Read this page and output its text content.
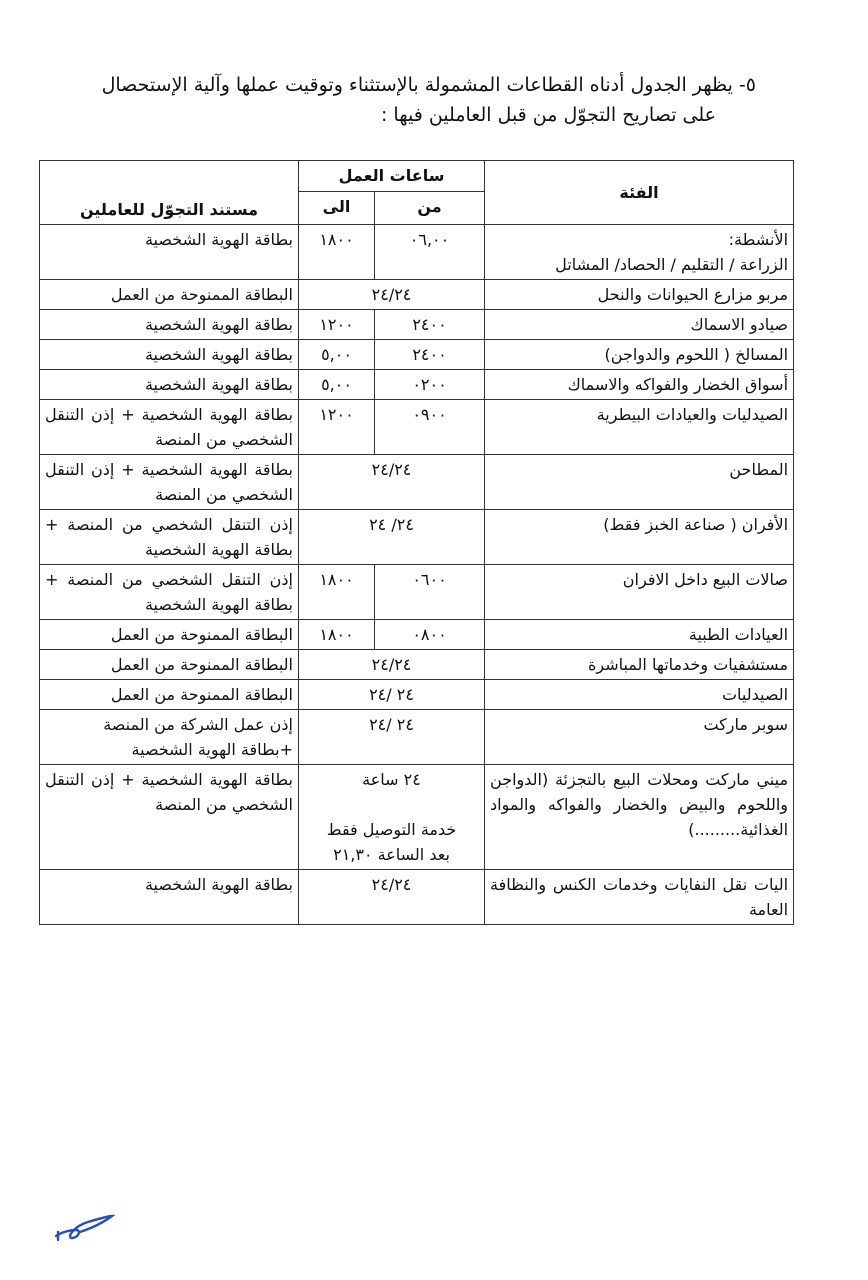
٥- يظهر الجدول أدناه القطاعات المشمولة بالإستثناء وتوقيت عملها وآلية الإستحصال
على تصاريح التجوّل من قبل العاملين فيها :
الفئة	ساعات العمل		مستند التجوّل للعاملين
	من	الى	

الأنشطة:
الزراعة / التقليم / الحصاد/ المشاتل	٠٦,٠٠	١٨٠٠	بطاقة الهوية الشخصية

مربو مزارع الحيوانات والنحل	٢٤/٢٤		البطاقة الممنوحة من العمل

صيادو الاسماك	٢٤٠٠	١٢٠٠	بطاقة الهوية الشخصية

المسالخ ( اللحوم والدواجن)	٢٤٠٠	٥,٠٠	بطاقة الهوية الشخصية

أسواق الخضار والفواكه والاسماك	٠٢٠٠	٥,٠٠	بطاقة الهوية الشخصية

الصيدليات والعيادات البيطرية	٠٩٠٠	١٢٠٠	بطاقة الهوية الشخصية + إذن التنقل الشخصي من المنصة

المطاحن	٢٤/٢٤		بطاقة الهوية الشخصية + إذن التنقل الشخصي من المنصة

الأفران ( صناعة الخبز فقط)	٢٤/ ٢٤		إذن التنقل الشخصي من المنصة + بطاقة الهوية الشخصية

صالات البيع داخل الافران	٠٦٠٠	١٨٠٠	إذن التنقل الشخصي من المنصة + بطاقة الهوية الشخصية

العيادات الطبية	٠٨٠٠	١٨٠٠	البطاقة الممنوحة من العمل

مستشفيات وخدماتها المباشرة	٢٤/٢٤		البطاقة الممنوحة من العمل

الصيدليات	٢٤ /٢٤		البطاقة الممنوحة من العمل

سوبر ماركت	٢٤ /٢٤		إذن عمل الشركة من المنصة
+بطاقة الهوية الشخصية

ميني ماركت ومحلات البيع بالتجزئة (الدواجن واللحوم والبيض والخضار والفواكه والمواد الغذائية.........)	٢٤ ساعة

خدمة التوصيل فقط
بعد الساعة ٢١,٣٠		بطاقة الهوية الشخصية + إذن التنقل الشخصي من المنصة

اليات نقل النفايات وخدمات الكنس والنظافة العامة	٢٤/٢٤		بطاقة الهوية الشخصية
